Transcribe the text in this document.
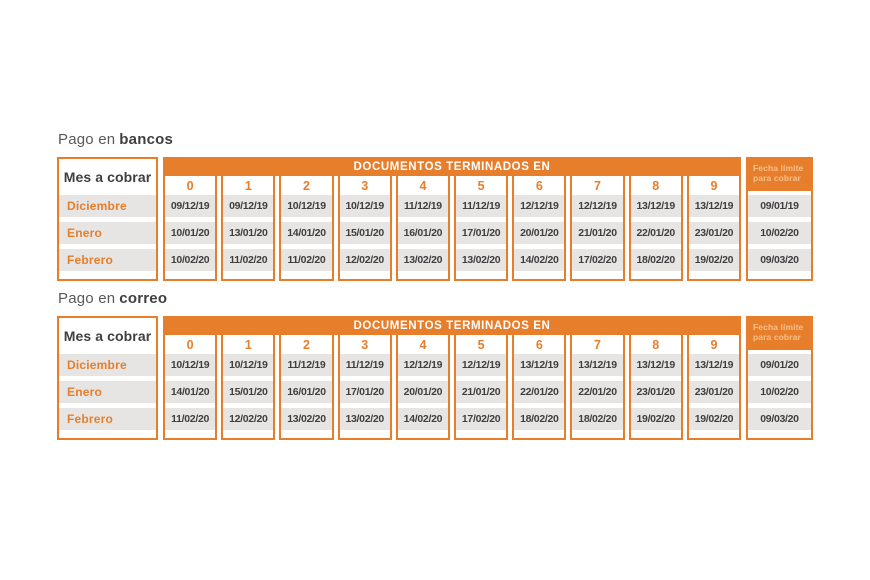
Pago en bancos
Mes a cobrar
Diciembre
Enero
Febrero
DOCUMENTOS TERMINADOS EN
0
09/12/19
10/01/20
10/02/20
1
09/12/19
13/01/20
11/02/20
2
10/12/19
14/01/20
11/02/20
3
10/12/19
15/01/20
12/02/20
4
11/12/19
16/01/20
13/02/20
5
11/12/19
17/01/20
13/02/20
6
12/12/19
20/01/20
14/02/20
7
12/12/19
21/01/20
17/02/20
8
13/12/19
22/01/20
18/02/20
9
13/12/19
23/01/20
19/02/20
Fecha límite para cobrar
09/01/19
10/02/20
09/03/20
Pago en correo
Mes a cobrar
Diciembre
Enero
Febrero
DOCUMENTOS TERMINADOS EN
0
10/12/19
14/01/20
11/02/20
1
10/12/19
15/01/20
12/02/20
2
11/12/19
16/01/20
13/02/20
3
11/12/19
17/01/20
13/02/20
4
12/12/19
20/01/20
14/02/20
5
12/12/19
21/01/20
17/02/20
6
13/12/19
22/01/20
18/02/20
7
13/12/19
22/01/20
18/02/20
8
13/12/19
23/01/20
19/02/20
9
13/12/19
23/01/20
19/02/20
Fecha límite para cobrar
09/01/20
10/02/20
09/03/20
